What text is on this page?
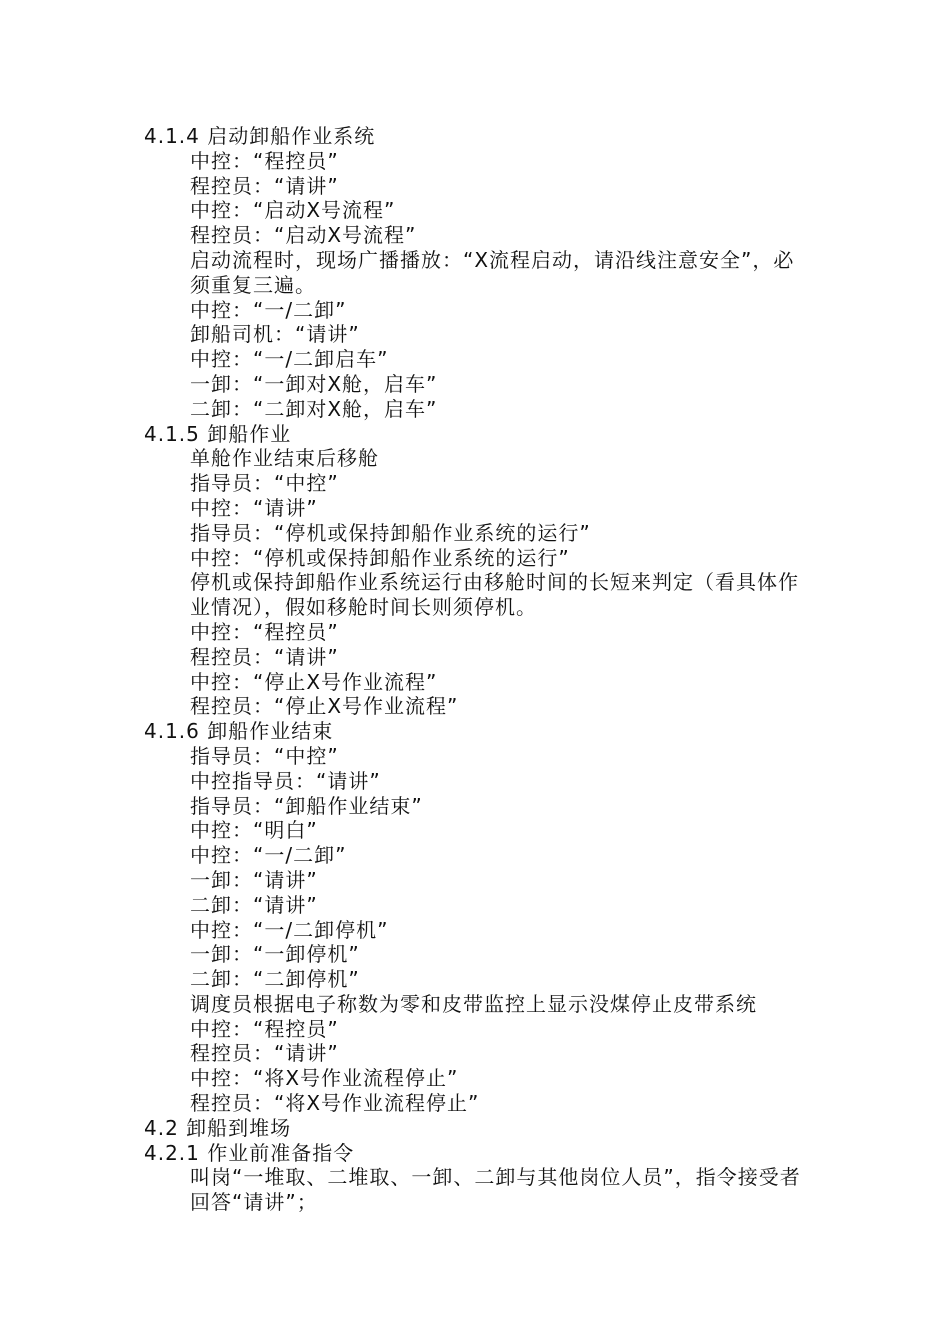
4.1.4 启动卸船作业系统
中控：“程控员”
程控员：“请讲”
中控：“启动X号流程”
程控员：“启动X号流程”
启动流程时，现场广播播放：“X流程启动，请沿线注意安全”，必须重复三遍。
中控：“一/二卸”
卸船司机：“请讲”
中控：“一/二卸启车”
一卸：“一卸对X舱，启车”
二卸：“二卸对X舱，启车”
4.1.5 卸船作业
单舱作业结束后移舱
指导员：“中控”
中控：“请讲”
指导员：“停机或保持卸船作业系统的运行”
中控：“停机或保持卸船作业系统的运行”
停机或保持卸船作业系统运行由移舱时间的长短来判定（看具体作业情况），假如移舱时间长则须停机。
中控：“程控员”
程控员：“请讲”
中控：“停止X号作业流程”
程控员：“停止X号作业流程”
4.1.6 卸船作业结束
指导员：“中控”
中控指导员：“请讲”
指导员：“卸船作业结束”
中控：“明白”
中控：“一/二卸”
一卸：“请讲”
二卸：“请讲”
中控：“一/二卸停机”
一卸：“一卸停机”
二卸：“二卸停机”
调度员根据电子称数为零和皮带监控上显示没煤停止皮带系统
中控：“程控员”
程控员：“请讲”
中控：“将X号作业流程停止”
程控员：“将X号作业流程停止”
4.2 卸船到堆场
4.2.1 作业前准备指令
叫岗“一堆取、二堆取、一卸、二卸与其他岗位人员”，指令接受者回答“请讲”；
